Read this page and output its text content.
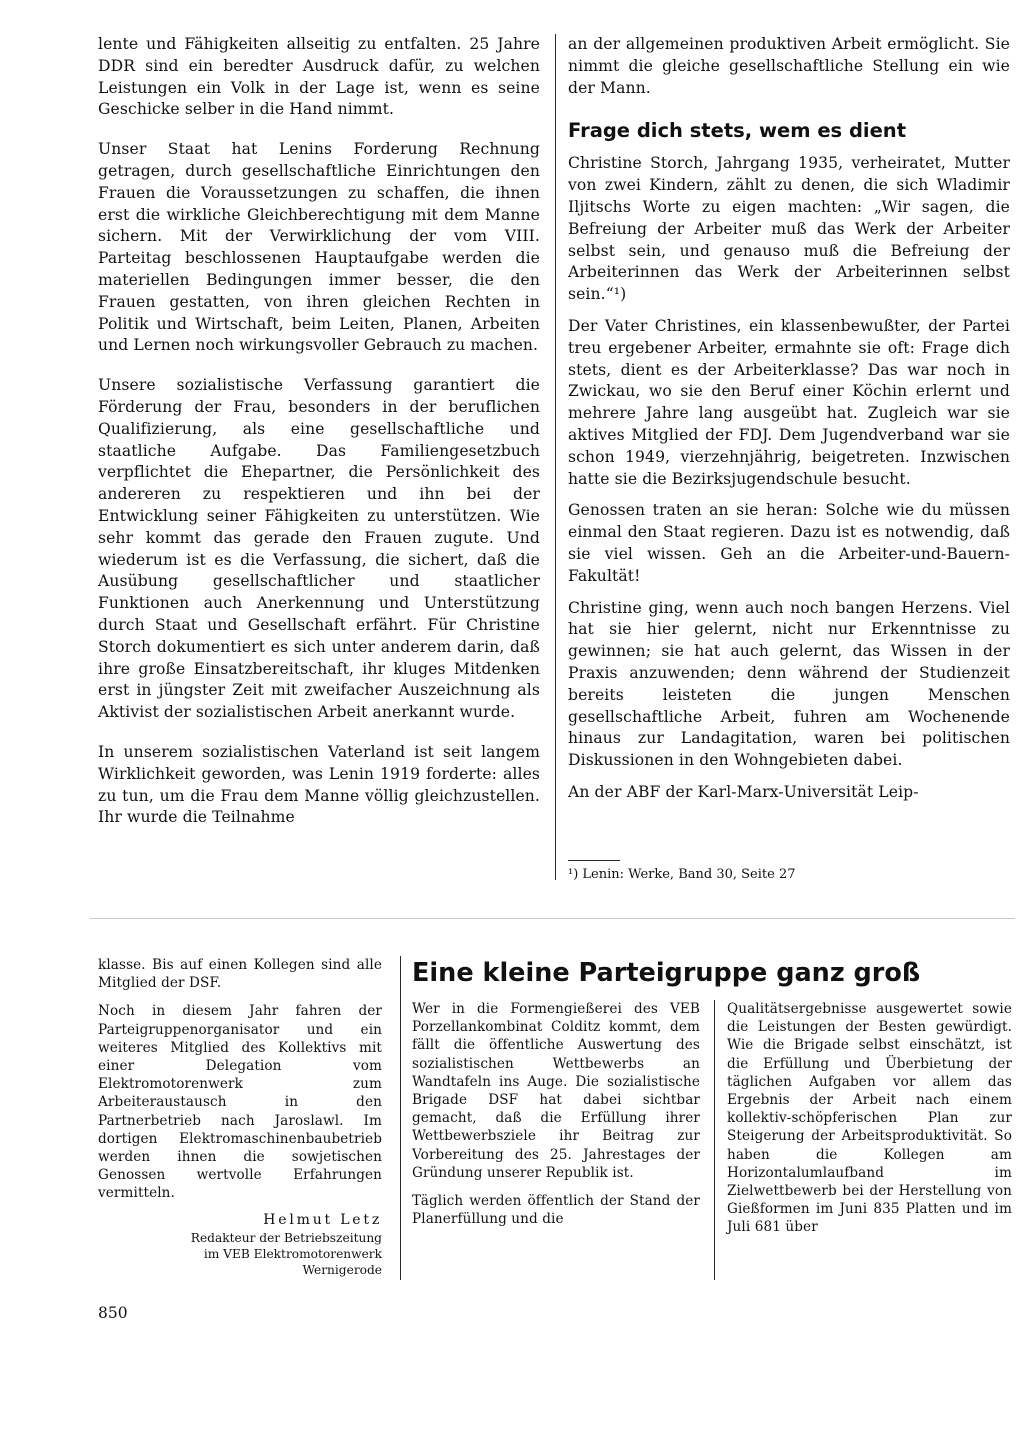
lente und Fähigkeiten allseitig zu entfalten. 25 Jahre DDR sind ein beredter Ausdruck dafür, zu welchen Leistungen ein Volk in der Lage ist, wenn es seine Geschicke selber in die Hand nimmt.

Unser Staat hat Lenins Forderung Rechnung getragen, durch gesellschaftliche Einrichtungen den Frauen die Voraussetzungen zu schaffen, die ihnen erst die wirkliche Gleichberechtigung mit dem Manne sichern. Mit der Verwirklichung der vom VIII. Parteitag beschlossenen Hauptaufgabe werden die materiellen Bedingungen immer besser, die den Frauen gestatten, von ihren gleichen Rechten in Politik und Wirtschaft, beim Leiten, Planen, Arbeiten und Lernen noch wirkungsvoller Gebrauch zu machen.

Unsere sozialistische Verfassung garantiert die Förderung der Frau, besonders in der beruflichen Qualifizierung, als eine gesellschaftliche und staatliche Aufgabe. Das Familiengesetzbuch verpflichtet die Ehepartner, die Persönlichkeit des andereren zu respektieren und ihn bei der Entwicklung seiner Fähigkeiten zu unterstützen. Wie sehr kommt das gerade den Frauen zugute. Und wiederum ist es die Verfassung, die sichert, daß die Ausübung gesellschaftlicher und staatlicher Funktionen auch Anerkennung und Unterstützung durch Staat und Gesellschaft erfährt. Für Christine Storch dokumentiert es sich unter anderem darin, daß ihre große Einsatzbereitschaft, ihr kluges Mitdenken erst in jüngster Zeit mit zweifacher Auszeichnung als Aktivist der sozialistischen Arbeit anerkannt wurde.

In unserem sozialistischen Vaterland ist seit langem Wirklichkeit geworden, was Lenin 1919 forderte: alles zu tun, um die Frau dem Manne völlig gleichzustellen. Ihr wurde die Teilnahme

an der allgemeinen produktiven Arbeit ermöglicht. Sie nimmt die gleiche gesellschaftliche Stellung ein wie der Mann.

Frage dich stets, wem es dient

Christine Storch, Jahrgang 1935, verheiratet, Mutter von zwei Kindern, zählt zu denen, die sich Wladimir Iljitschs Worte zu eigen machten: „Wir sagen, die Befreiung der Arbeiter muß das Werk der Arbeiter selbst sein, und genauso muß die Befreiung der Arbeiterinnen das Werk der Arbeiterinnen selbst sein.“¹)

Der Vater Christines, ein klassenbewußter, der Partei treu ergebener Arbeiter, ermahnte sie oft: Frage dich stets, dient es der Arbeiterklasse? Das war noch in Zwickau, wo sie den Beruf einer Köchin erlernt und mehrere Jahre lang ausgeübt hat. Zugleich war sie aktives Mitglied der FDJ. Dem Jugendverband war sie schon 1949, vierzehnjährig, beigetreten. Inzwischen hatte sie die Bezirksjugendschule besucht.

Genossen traten an sie heran: Solche wie du müssen einmal den Staat regieren. Dazu ist es notwendig, daß sie viel wissen. Geh an die Arbeiter-und-Bauern-Fakultät!

Christine ging, wenn auch noch bangen Herzens. Viel hat sie hier gelernt, nicht nur Erkenntnisse zu gewinnen; sie hat auch gelernt, das Wissen in der Praxis anzuwenden; denn während der Studienzeit bereits leisteten die jungen Menschen gesellschaftliche Arbeit, fuhren am Wochenende hinaus zur Landagitation, waren bei politischen Diskussionen in den Wohngebieten dabei.

An der ABF der Karl-Marx-Universität Leip-

¹) Lenin: Werke, Band 30, Seite 27

klasse. Bis auf einen Kollegen sind alle Mitglied der DSF.

Noch in diesem Jahr fahren der Parteigruppenorganisator und ein weiteres Mitglied des Kollektivs mit einer Delegation vom Elektromotorenwerk zum Arbeiteraustausch in den Partnerbetrieb nach Jaroslawl. Im dortigen Elektromaschinenbaubetrieb werden ihnen die sowjetischen Genossen wertvolle Erfahrungen vermitteln.

Helmut Letz
Redakteur der Betriebszeitung
im VEB Elektromotorenwerk
Wernigerode
Eine kleine Parteigruppe ganz groß

Wer in die Formengießerei des VEB Porzellankombinat Colditz kommt, dem fällt die öffentliche Auswertung des sozialistischen Wettbewerbs an Wandtafeln ins Auge. Die sozialistische Brigade DSF hat dabei sichtbar gemacht, daß die Erfüllung ihrer Wettbewerbsziele ihr Beitrag zur Vorbereitung des 25. Jahrestages der Gründung unserer Republik ist.

Täglich werden öffentlich der Stand der Planerfüllung und die

Qualitätsergebnisse ausgewertet sowie die Leistungen der Besten gewürdigt. Wie die Brigade selbst einschätzt, ist die Erfüllung und Überbietung der täglichen Aufgaben vor allem das Ergebnis der Arbeit nach einem kollektiv-schöpferischen Plan zur Steigerung der Arbeitsproduktivität. So haben die Kollegen am Horizontalumlaufband im Zielwettbewerb bei der Herstellung von Gießformen im Juni 835 Platten und im Juli 681 über

850
